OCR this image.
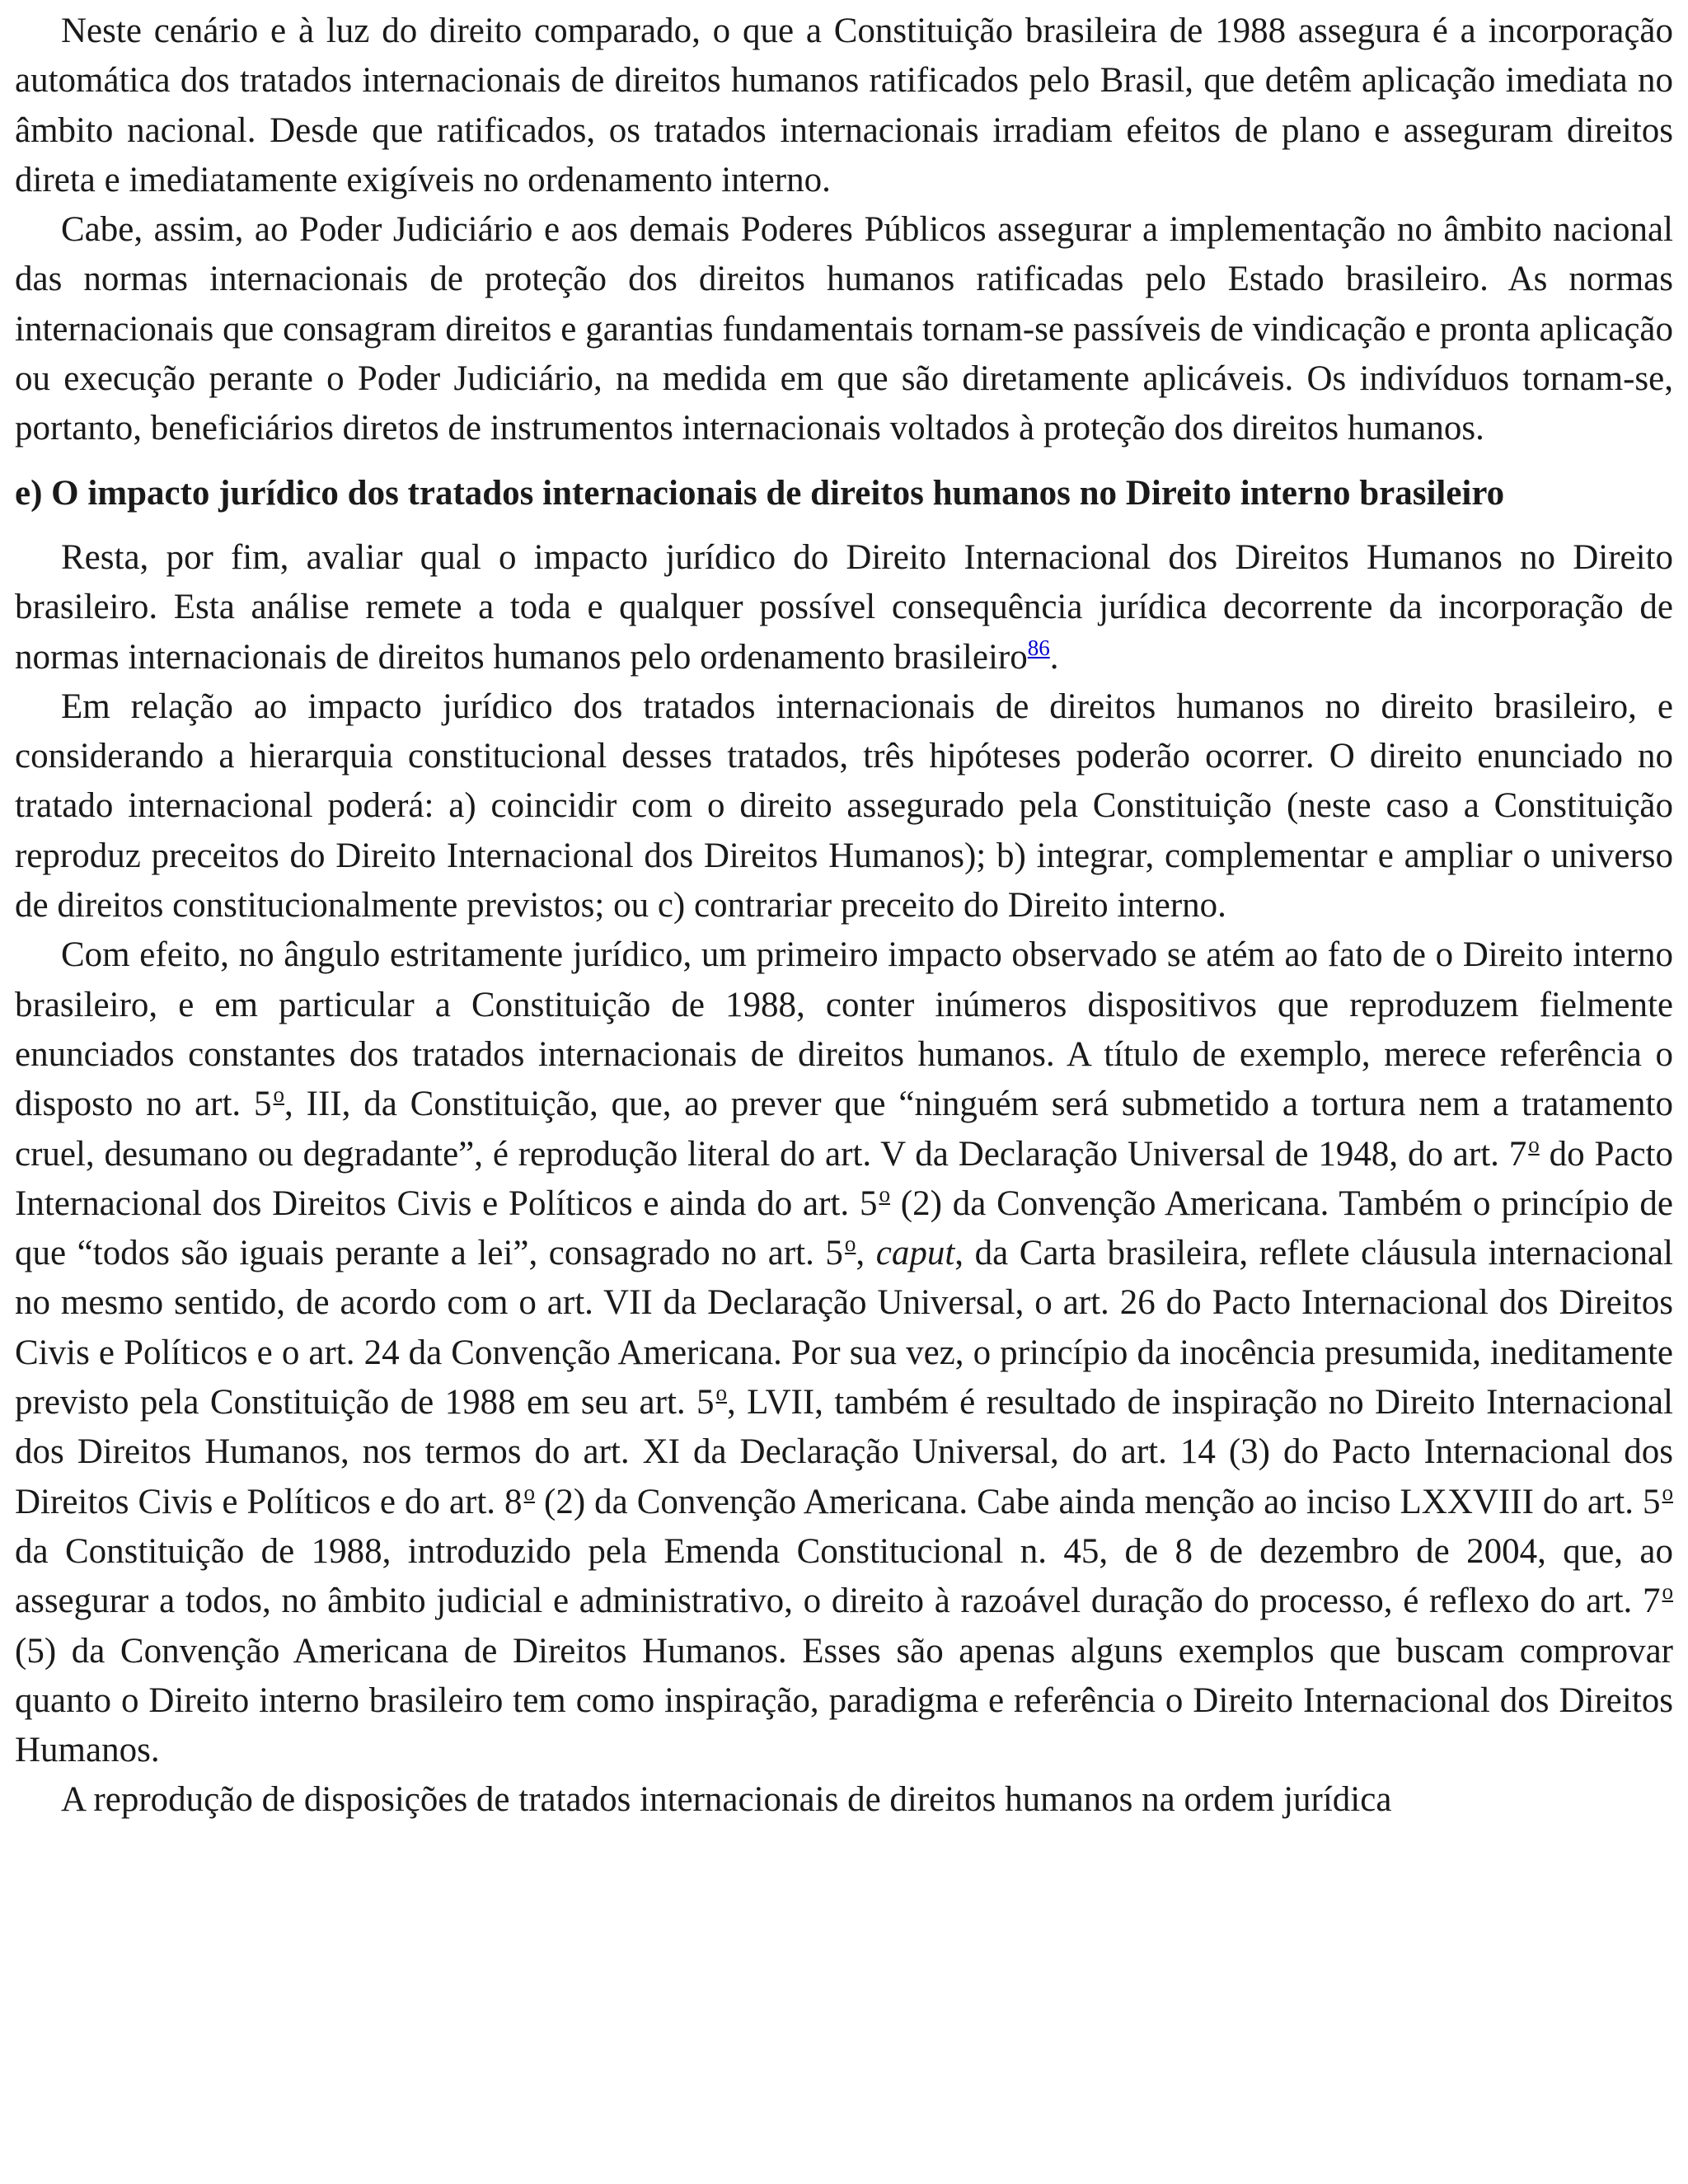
Neste cenário e à luz do direito comparado, o que a Constituição brasileira de 1988 assegura é a incorporação automática dos tratados internacionais de direitos humanos ratificados pelo Brasil, que detêm aplicação imediata no âmbito nacional. Desde que ratificados, os tratados internacionais irradiam efeitos de plano e asseguram direitos direta e imediatamente exigíveis no ordenamento interno.

Cabe, assim, ao Poder Judiciário e aos demais Poderes Públicos assegurar a implementação no âmbito nacional das normas internacionais de proteção dos direitos humanos ratificadas pelo Estado brasileiro. As normas internacionais que consagram direitos e garantias fundamentais tornam-se passíveis de vindicação e pronta aplicação ou execução perante o Poder Judiciário, na medida em que são diretamente aplicáveis. Os indivíduos tornam-se, portanto, beneficiários diretos de instrumentos internacionais voltados à proteção dos direitos humanos.

e) O impacto jurídico dos tratados internacionais de direitos humanos no Direito interno brasileiro

Resta, por fim, avaliar qual o impacto jurídico do Direito Internacional dos Direitos Humanos no Direito brasileiro. Esta análise remete a toda e qualquer possível consequência jurídica decorrente da incorporação de normas internacionais de direitos humanos pelo ordenamento brasileiro$^{86}$.

Em relação ao impacto jurídico dos tratados internacionais de direitos humanos no direito brasileiro, e considerando a hierarquia constitucional desses tratados, três hipóteses poderão ocorrer. O direito enunciado no tratado internacional poderá: a) coincidir com o direito assegurado pela Constituição (neste caso a Constituição reproduz preceitos do Direito Internacional dos Direitos Humanos); b) integrar, complementar e ampliar o universo de direitos constitucionalmente previstos; ou c) contrariar preceito do Direito interno.

Com efeito, no ângulo estritamente jurídico, um primeiro impacto observado se atém ao fato de o Direito interno brasileiro, e em particular a Constituição de 1988, conter inúmeros dispositivos que reproduzem fielmente enunciados constantes dos tratados internacionais de direitos humanos. A título de exemplo, merece referência o disposto no art. 5$^o$, III, da Constituição, que, ao prever que “ninguém será submetido a tortura nem a tratamento cruel, desumano ou degradante”, é reprodução literal do art. V da Declaração Universal de 1948, do art. 7$^o$ do Pacto Internacional dos Direitos Civis e Políticos e ainda do art. 5$^o$ (2) da Convenção Americana. Também o princípio de que “todos são iguais perante a lei”, consagrado no art. 5$^o$, caput, da Carta brasileira, reflete cláusula internacional no mesmo sentido, de acordo com o art. VII da Declaração Universal, o art. 26 do Pacto Internacional dos Direitos Civis e Políticos e o art. 24 da Convenção Americana. Por sua vez, o princípio da inocência presumida, ineditamente previsto pela Constituição de 1988 em seu art. 5$^o$, LVII, também é resultado de inspiração no Direito Internacional dos Direitos Humanos, nos termos do art. XI da Declaração Universal, do art. 14 (3) do Pacto Internacional dos Direitos Civis e Políticos e do art. 8$^o$ (2) da Convenção Americana. Cabe ainda menção ao inciso LXXVIII do art. 5$^o$ da Constituição de 1988, introduzido pela Emenda Constitucional n. 45, de 8 de dezembro de 2004, que, ao assegurar a todos, no âmbito judicial e administrativo, o direito à razoável duração do processo, é reflexo do art. 7$^o$ (5) da Convenção Americana de Direitos Humanos. Esses são apenas alguns exemplos que buscam comprovar quanto o Direito interno brasileiro tem como inspiração, paradigma e referência o Direito Internacional dos Direitos Humanos.

A reprodução de disposições de tratados internacionais de direitos humanos na ordem jurídica
